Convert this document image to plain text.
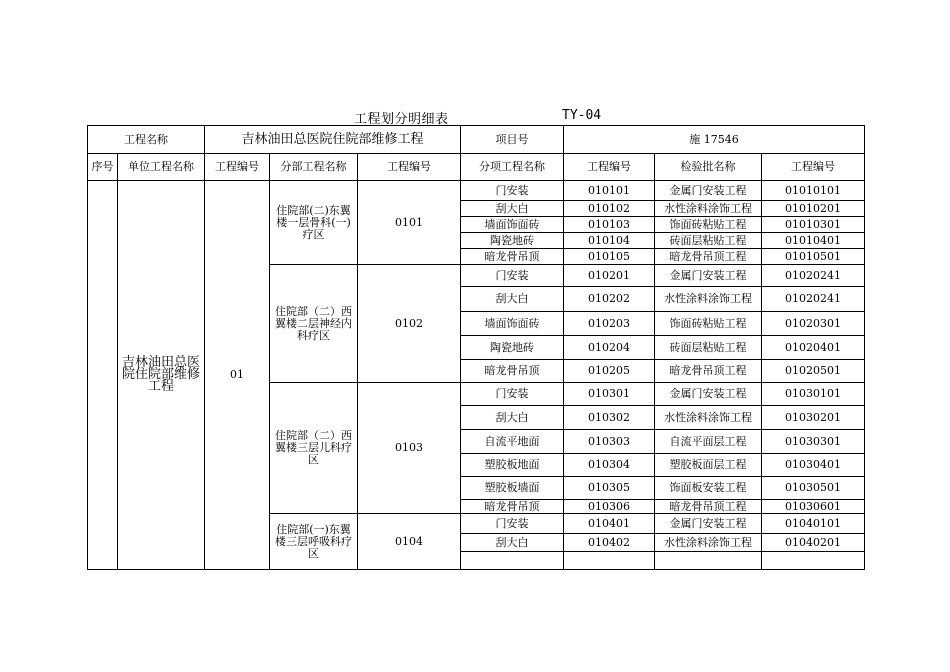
工程划分明细表	TY-04
工程名称		吉林油田总医院住院部维修工程			项目号	施 17546		
序号	单位工程名称	工程编号	分部工程名称	工程编号	分项工程名称	工程编号	检验批名称	工程编号
	吉林油田总医院住院部维修工程	01	住院部(二)东翼楼一层骨科(一)疗区	0101	门安装	010101	金属门安装工程	01010101
					刮大白	010102	水性涂料涂饰工程	01010201
					墙面饰面砖	010103	饰面砖粘贴工程	01010301
					陶瓷地砖	010104	砖面层粘贴工程	01010401
					暗龙骨吊顶	010105	暗龙骨吊顶工程	01010501
			住院部（二）西翼楼二层神经内科疗区	0102	门安装	010201	金属门安装工程	01020241
					刮大白	010202	水性涂料涂饰工程	01020241
					墙面饰面砖	010203	饰面砖粘贴工程	01020301
					陶瓷地砖	010204	砖面层粘贴工程	01020401
					暗龙骨吊顶	010205	暗龙骨吊顶工程	01020501
			住院部（二）西翼楼三层儿科疗区	0103	门安装	010301	金属门安装工程	01030101
					刮大白	010302	水性涂料涂饰工程	01030201
					自流平地面	010303	自流平面层工程	01030301
					塑胶板地面	010304	塑胶板面层工程	01030401
					塑胶板墙面	010305	饰面板安装工程	01030501
					暗龙骨吊顶	010306	暗龙骨吊顶工程	01030601
			住院部(一)东翼楼三层呼吸科疗区	0104	门安装	010401	金属门安装工程	01040101
					刮大白	010402	水性涂料涂饰工程	01040201
